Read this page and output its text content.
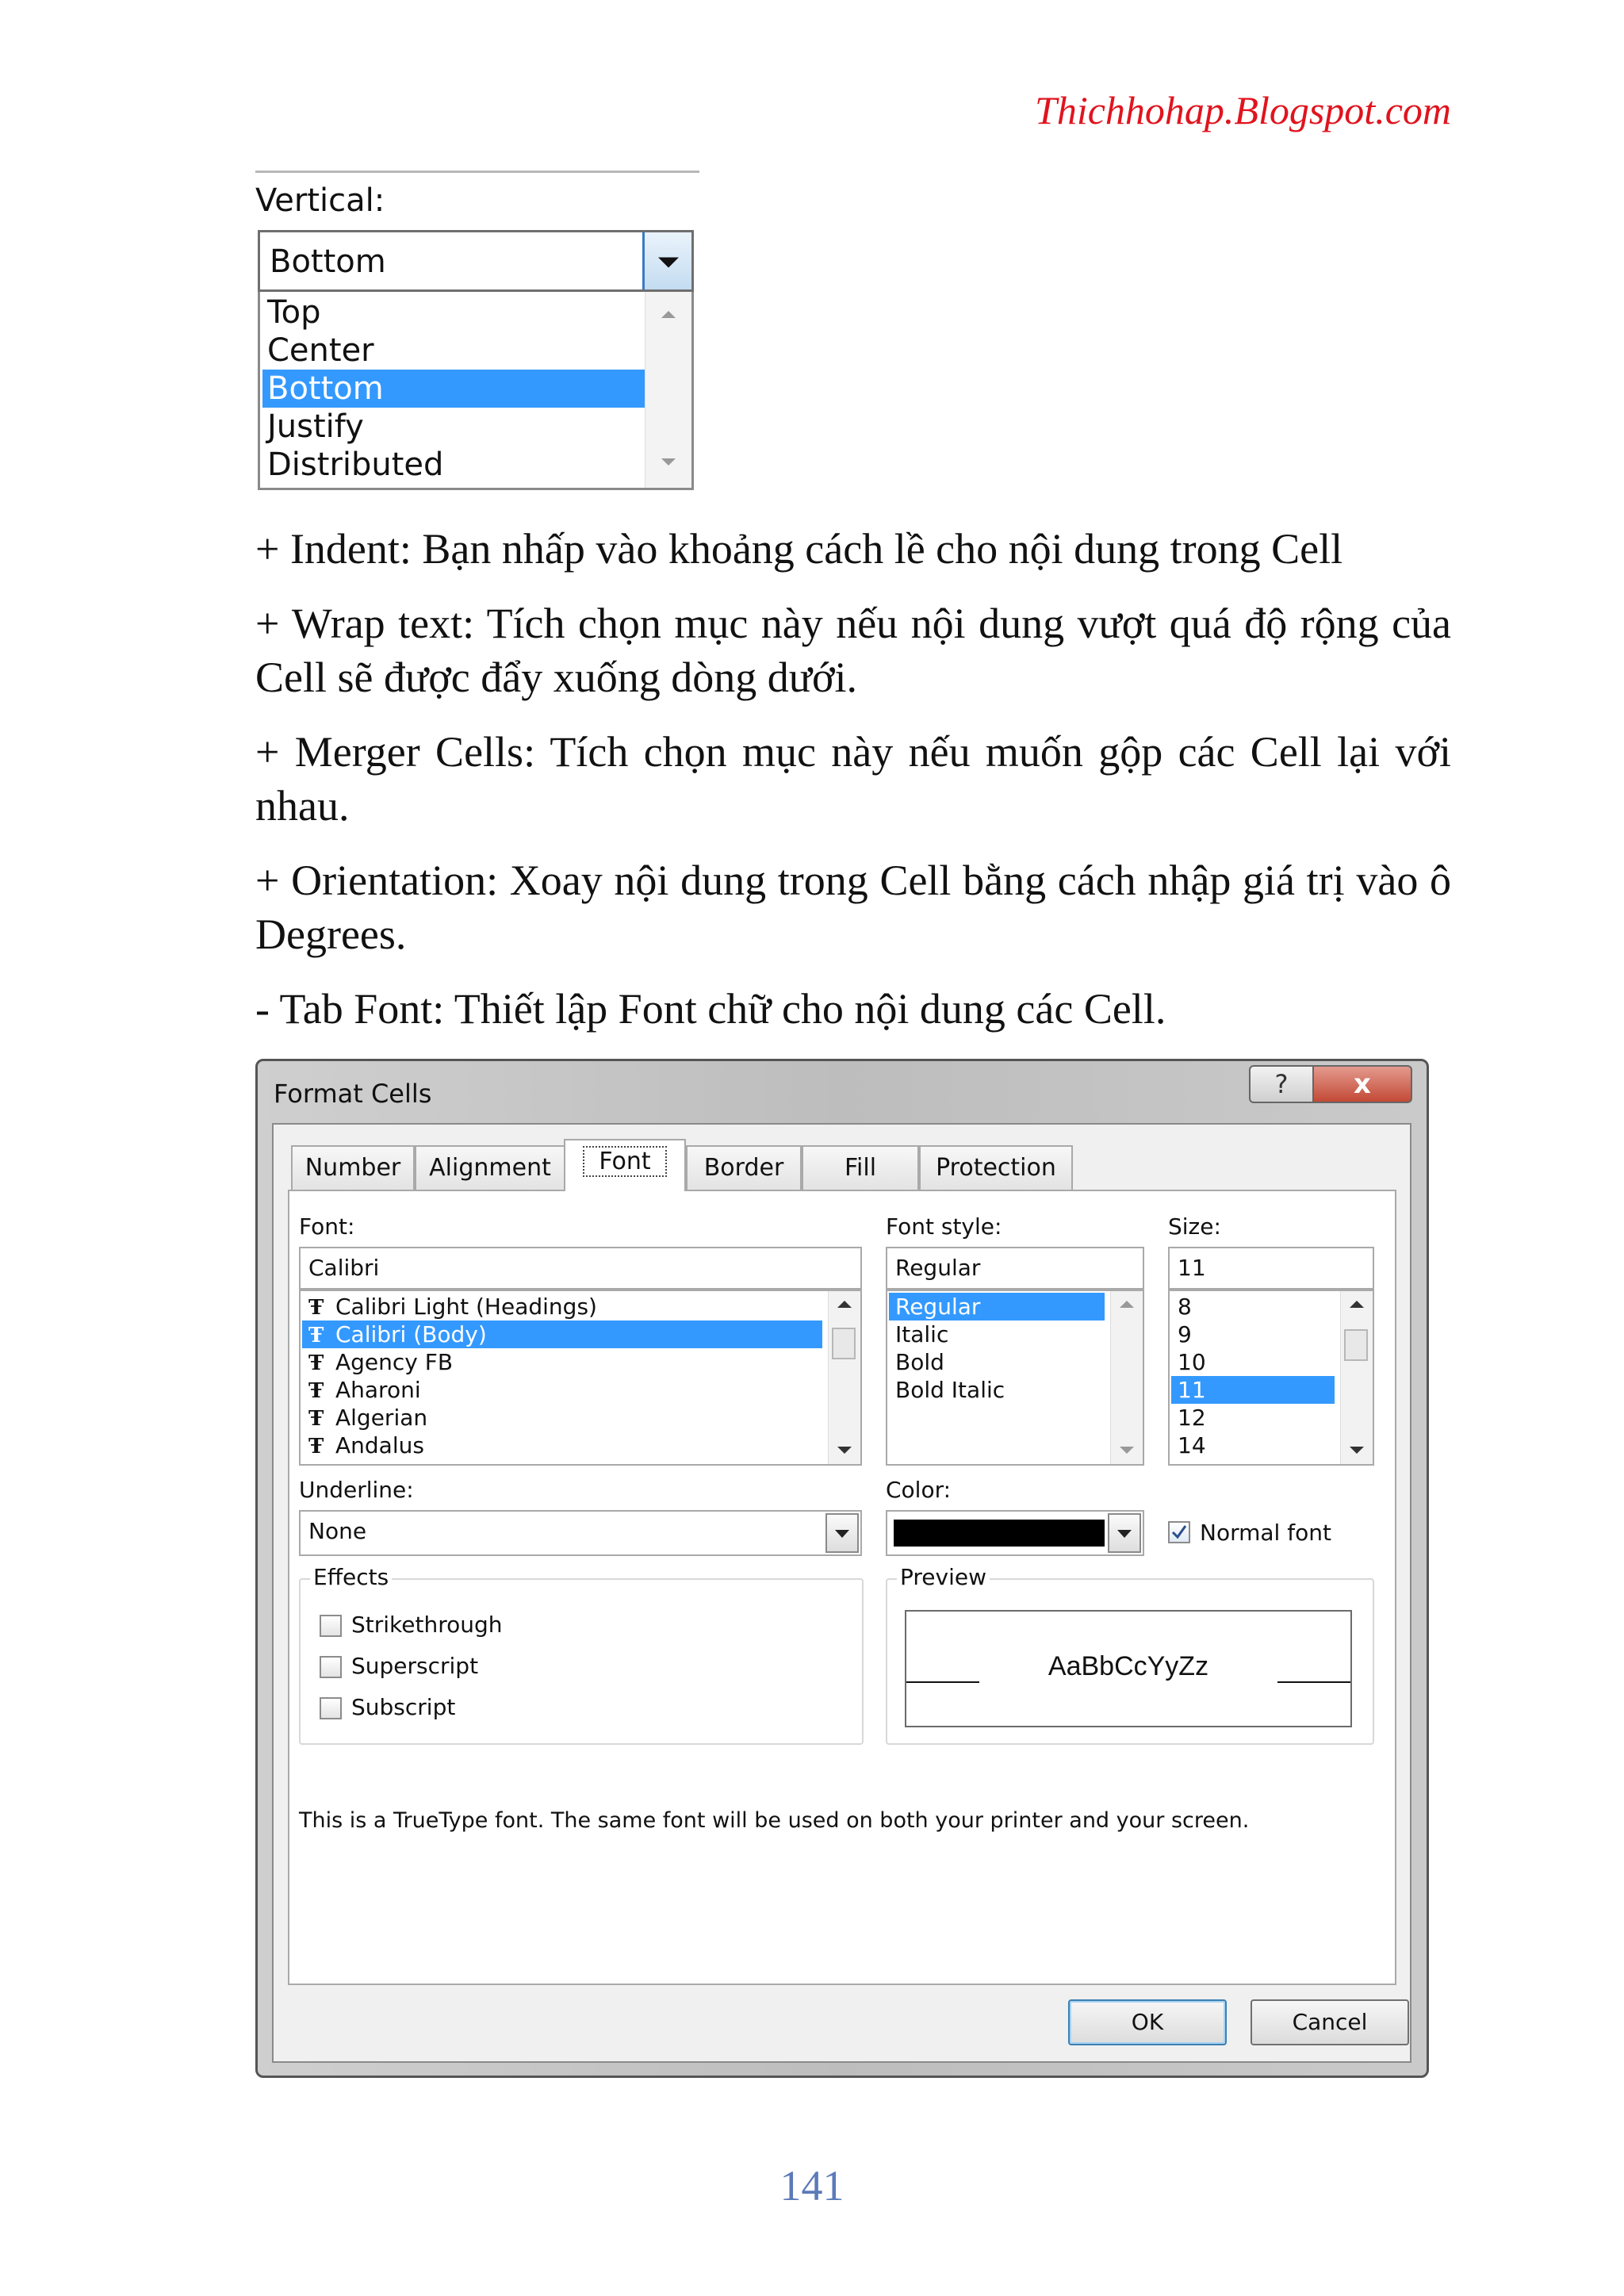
Thichhohap.Blogspot.com
Vertical:
Bottom
Top
Center
Bottom
Justify
Distributed
+ Indent: Bạn nhấp vào khoảng cách lề cho nội dung trong Cell
+ Wrap text: Tích chọn mục này nếu nội dung vượt quá độ rộng của Cell sẽ được đẩy xuống dòng dưới.
+ Merger Cells: Tích chọn mục này nếu muốn gộp các Cell lại với nhau.
+ Orientation: Xoay nội dung trong Cell bằng cách nhập giá trị vào ô Degrees.
- Tab Font: Thiết lập Font chữ cho nội dung các Cell.
Format Cells	?	x
Number	Alignment	Font	Border	Fill	Protection
Font:
Calibri
Ŧ Calibri Light (Headings)
Ŧ Calibri (Body)
Ŧ Agency FB
Ŧ Aharoni
Ŧ Algerian
Ŧ Andalus
Font style:
Regular
Regular
Italic
Bold
Bold Italic
Size:
11
8
9
10
11
12
14
Underline:
None
Color:
Normal font
Effects
Strikethrough
Superscript
Subscript
Preview
AaBbCcYyZz
This is a TrueType font. The same font will be used on both your printer and your screen.
OK	Cancel
141
